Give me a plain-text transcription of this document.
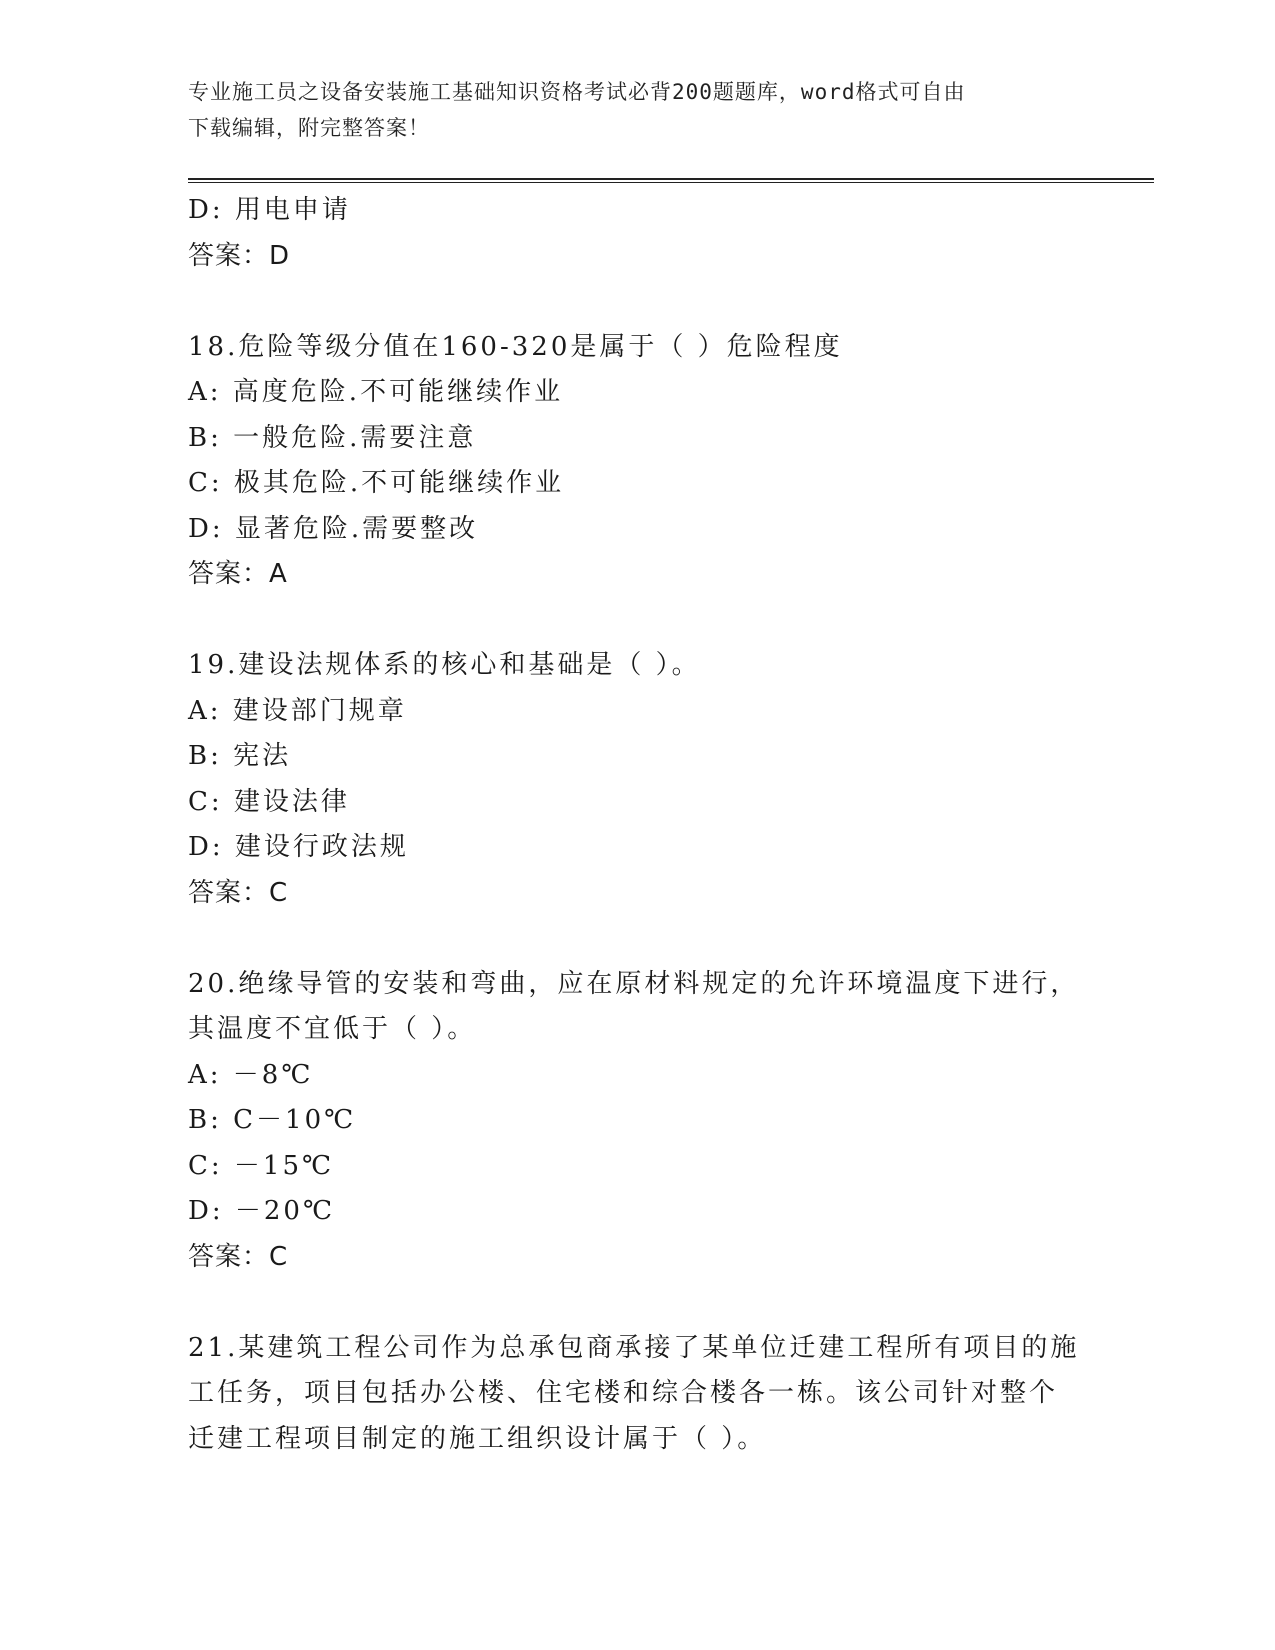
专业施工员之设备安装施工基础知识资格考试必背200题题库，word格式可自由
下载编辑，附完整答案！
D: 用电申请
答案：D
18.危险等级分值在160-320是属于（ ）危险程度
A: 高度危险.不可能继续作业
B: 一般危险.需要注意
C: 极其危险.不可能继续作业
D: 显著危险.需要整改
答案：A
19.建设法规体系的核心和基础是（ ）。
A: 建设部门规章
B: 宪法
C: 建设法律
D: 建设行政法规
答案：C
20.绝缘导管的安装和弯曲，应在原材料规定的允许环境温度下进行，
其温度不宜低于（ ）。
A: －8℃
B: C－10℃
C: －15℃
D: －20℃
答案：C
21.某建筑工程公司作为总承包商承接了某单位迁建工程所有项目的施
工任务，项目包括办公楼、住宅楼和综合楼各一栋。该公司针对整个
迁建工程项目制定的施工组织设计属于（ ）。
